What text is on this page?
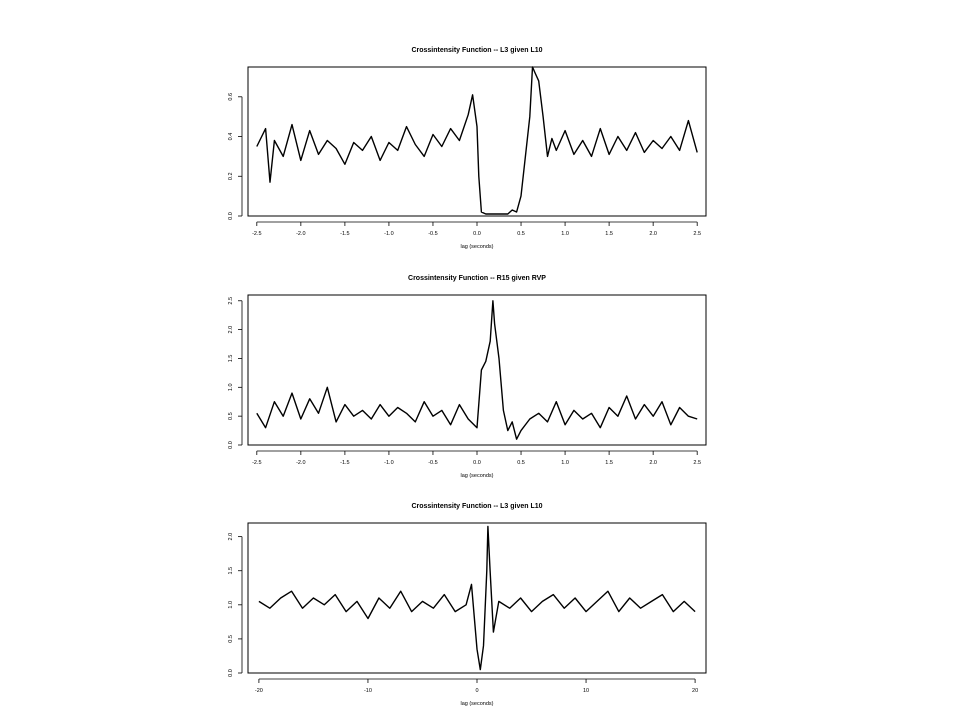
Crossintensity Function -- L3 given L10
0.0
0.2
0.4
0.6
-2.5	-2.0	-1.5	-1.0	-0.5	0.0	0.5	1.0	1.5	2.0	2.5
lag (seconds)
Crossintensity Function -- R15 given RVP
0.0
0.5
1.0
1.5
2.0
2.5
-2.5	-2.0	-1.5	-1.0	-0.5	0.0	0.5	1.0	1.5	2.0	2.5
lag (seconds)
Crossintensity Function -- L3 given L10
0.0
0.5
1.0
1.5
2.0
-20	-10	0	10	20
lag (seconds)
